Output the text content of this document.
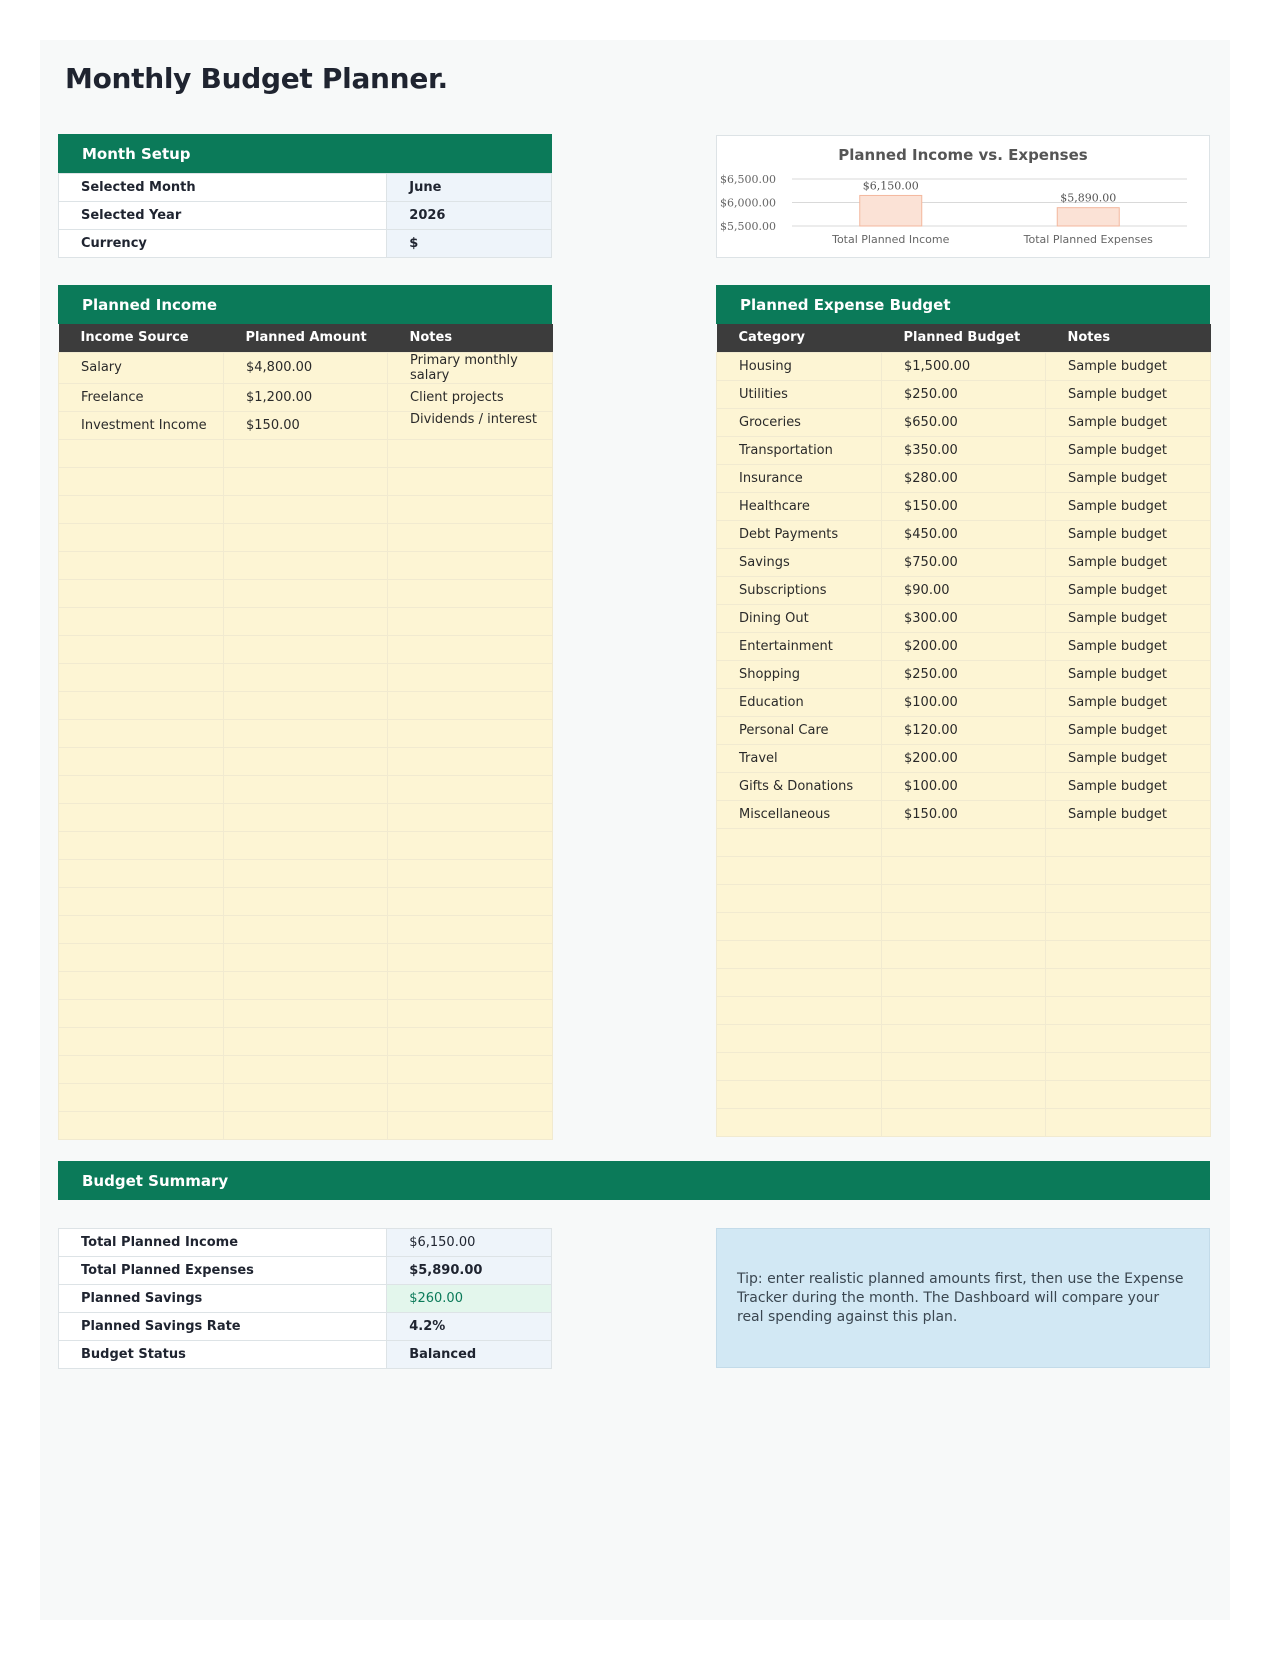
Monthly Budget Planner.
Month Setup
Selected Month	June
Selected Year	2026
Currency	$
Planned Income vs. Expenses
$6,500.00
$6,000.00
$5,500.00
$6,150.00
Total Planned Income
$5,890.00
Total Planned Expenses
Planned Income
Income Source	Planned Amount	Notes
Salary	$4,800.00	Primary monthly salary
Freelance	$1,200.00	Client projects
Investment Income	$150.00	Dividends / interest

Planned Expense Budget
Category	Planned Budget	Notes
Housing	$1,500.00	Sample budget
Utilities	$250.00	Sample budget
Groceries	$650.00	Sample budget
Transportation	$350.00	Sample budget
Insurance	$280.00	Sample budget
Healthcare	$150.00	Sample budget
Debt Payments	$450.00	Sample budget
Savings	$750.00	Sample budget
Subscriptions	$90.00	Sample budget
Dining Out	$300.00	Sample budget
Entertainment	$200.00	Sample budget
Shopping	$250.00	Sample budget
Education	$100.00	Sample budget
Personal Care	$120.00	Sample budget
Travel	$200.00	Sample budget
Gifts & Donations	$100.00	Sample budget
Miscellaneous	$150.00	Sample budget

Budget Summary
Total Planned Income	$6,150.00
Total Planned Expenses	$5,890.00
Planned Savings	$260.00
Planned Savings Rate	4.2%
Budget Status	Balanced
Tip: enter realistic planned amounts first, then use the Expense Tracker during the month. The Dashboard will compare your real spending against this plan.
